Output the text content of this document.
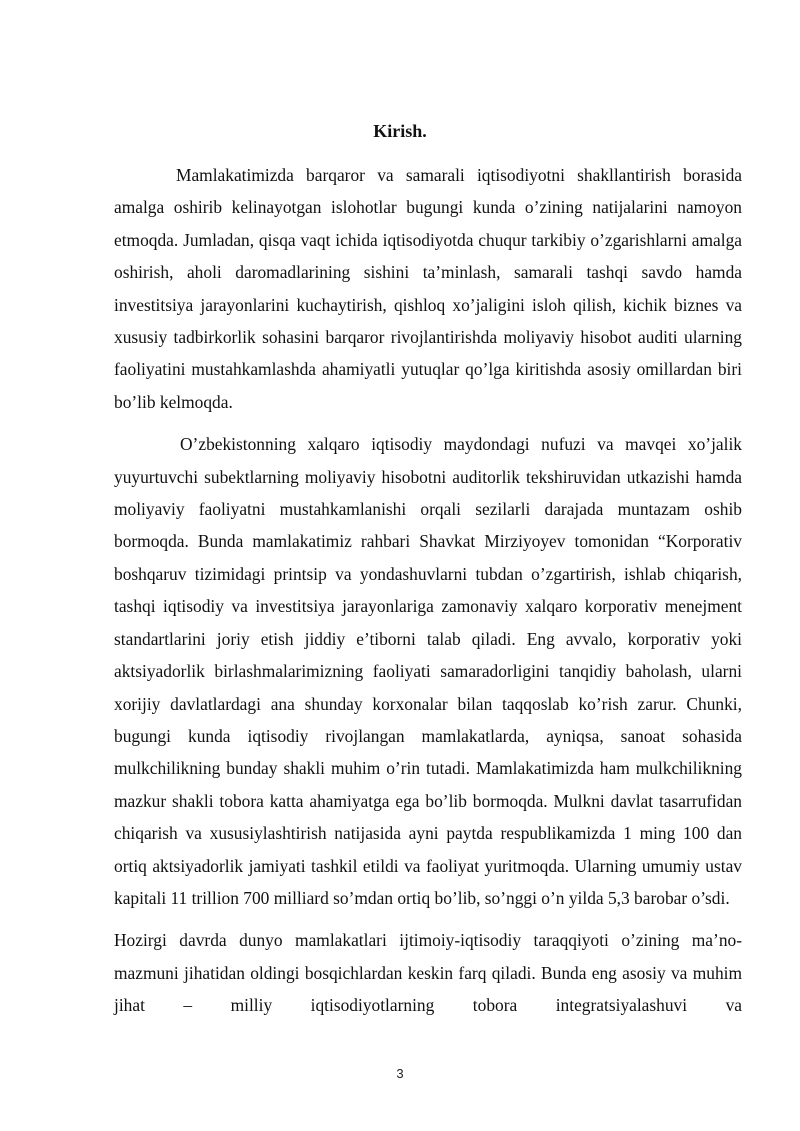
Kirish.

Mamlakatimizda barqaror va samarali iqtisodiyotni shakllantirish borasida amalga oshirib kelinayotgan islohotlar bugungi kunda o’zining natijalarini namoyon etmoqda. Jumladan, qisqa vaqt ichida iqtisodiyotda chuqur tarkibiy o’zgarishlarni amalga oshirish, aholi daromadlarining sishini ta’minlash, samarali tashqi savdo hamda investitsiya jarayonlarini kuchaytirish, qishloq xo’jaligini isloh qilish, kichik biznes va xususiy tadbirkorlik sohasini barqaror rivojlantirishda moliyaviy hisobot auditi ularning faoliyatini mustahkamlashda ahamiyatli yutuqlar qo’lga kiritishda asosiy omillardan biri bo’lib kelmoqda.

O’zbekistonning xalqaro iqtisodiy maydondagi nufuzi va mavqei xo’jalik yuyurtuvchi subektlarning moliyaviy hisobotni auditorlik tekshiruvidan utkazishi hamda moliyaviy faoliyatni mustahkamlanishi orqali sezilarli darajada muntazam oshib bormoqda. Bunda mamlakatimiz rahbari Shavkat Mirziyoyev tomonidan “Korporativ boshqaruv tizimidagi printsip va yondashuvlarni tubdan o’zgartirish, ishlab chiqarish, tashqi iqtisodiy va investitsiya jarayonlariga zamonaviy xalqaro korporativ menejment standartlarini joriy etish jiddiy e’tiborni talab qiladi. Eng avvalo, korporativ yoki aktsiyadorlik birlashmalarimizning faoliyati samaradorligini tanqidiy baholash, ularni xorijiy davlatlardagi ana shunday korxonalar bilan taqqoslab ko’rish zarur. Chunki, bugungi kunda iqtisodiy rivojlangan mamlakatlarda, ayniqsa, sanoat sohasida mulkchilikning bunday shakli muhim o’rin tutadi. Mamlakatimizda ham mulkchilikning mazkur shakli tobora katta ahamiyatga ega bo’lib bormoqda. Mulkni davlat tasarrufidan chiqarish va xususiylashtirish natijasida ayni paytda respublikamizda 1 ming 100 dan ortiq aktsiyadorlik jamiyati tashkil etildi va faoliyat yuritmoqda. Ularning umumiy ustav kapitali 11 trillion 700 milliard so’mdan ortiq bo’lib, so’nggi o’n yilda 5,3 barobar o’sdi.

Hozirgi davrda dunyo mamlakatlari ijtimoiy-iqtisodiy taraqqiyoti o’zining ma’no-mazmuni jihatidan oldingi bosqichlardan keskin farq qiladi. Bunda eng asosiy va muhim jihat – milliy iqtisodiyotlarning tobora integratsiyalashuvi va

3
